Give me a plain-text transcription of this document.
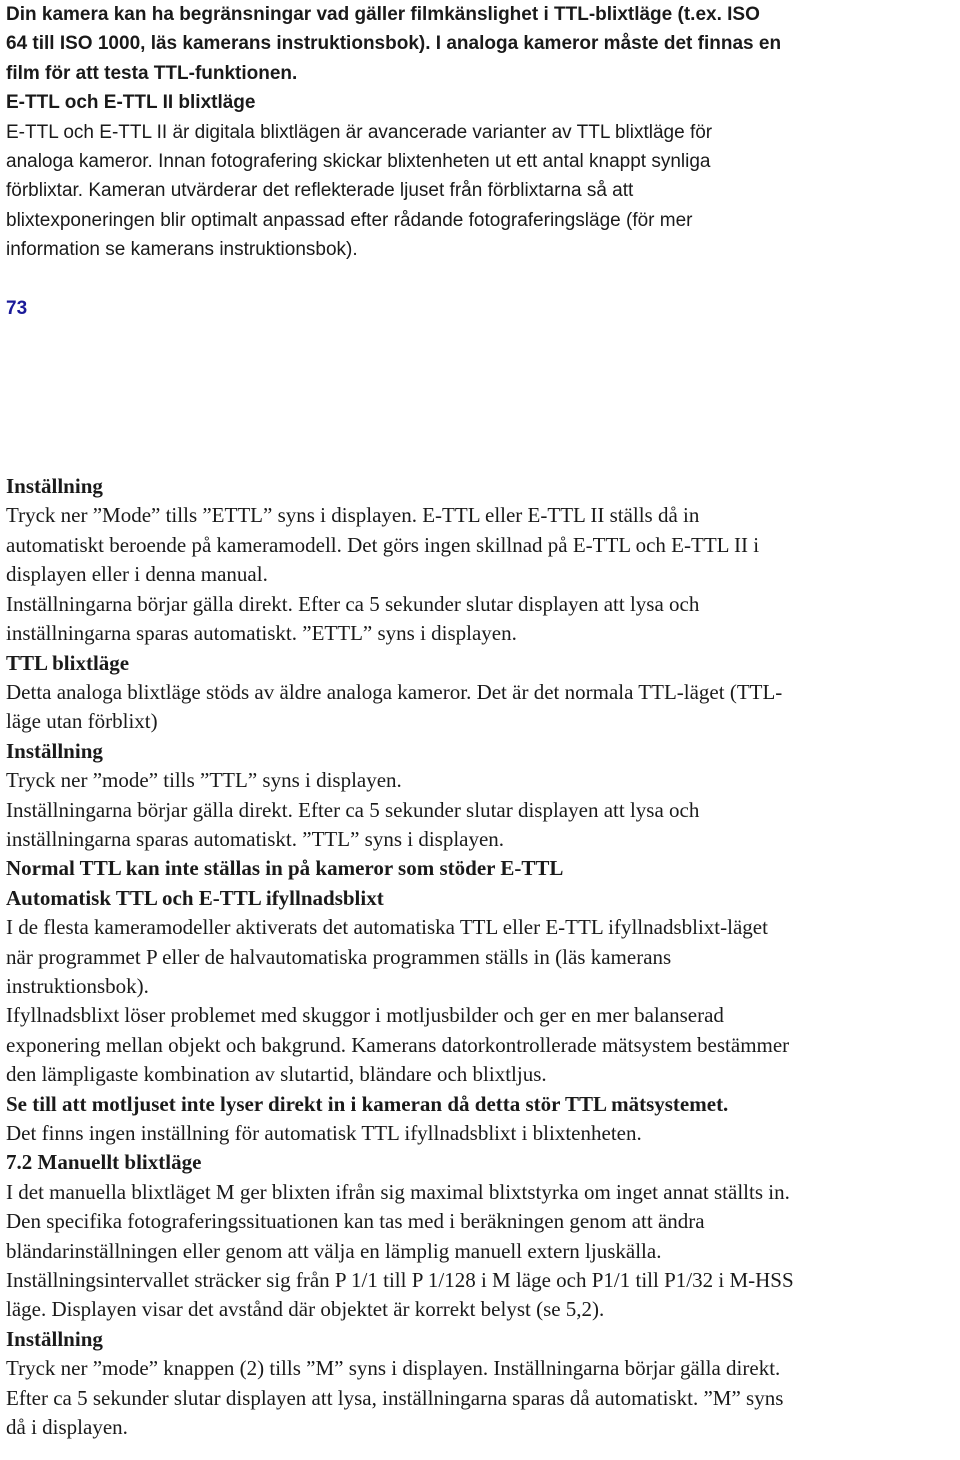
Din kamera kan ha begränsningar vad gäller filmkänslighet i TTL-blixtläge (t.ex. ISO
64 till ISO 1000, läs kamerans instruktionsbok). I analoga kameror måste det finnas en
film för att testa TTL-funktionen.
E-TTL och E-TTL II blixtläge
E-TTL och E-TTL II är digitala blixtlägen är avancerade varianter av TTL blixtläge för
analoga kameror. Innan fotografering skickar blixtenheten ut ett antal knappt synliga
förblixtar. Kameran utvärderar det reflekterade ljuset från förblixtarna så att
blixtexponeringen blir optimalt anpassad efter rådande fotograferingsläge (för mer
information se kamerans instruktionsbok).
73
Inställning
Tryck ner ”Mode” tills ”ETTL” syns i displayen. E-TTL eller E-TTL II ställs då in
automatiskt beroende på kameramodell. Det görs ingen skillnad på E-TTL och E-TTL II i
displayen eller i denna manual.
Inställningarna börjar gälla direkt. Efter ca 5 sekunder slutar displayen att lysa och
inställningarna sparas automatiskt. ”ETTL” syns i displayen.
TTL blixtläge
Detta analoga blixtläge stöds av äldre analoga kameror. Det är det normala TTL-läget (TTL-
läge utan förblixt)
Inställning
Tryck ner ”mode” tills ”TTL” syns i displayen.
Inställningarna börjar gälla direkt. Efter ca 5 sekunder slutar displayen att lysa och
inställningarna sparas automatiskt. ”TTL” syns i displayen.
Normal TTL kan inte ställas in på kameror som stöder E-TTL
Automatisk TTL och E-TTL ifyllnadsblixt
I de flesta kameramodeller aktiverats det automatiska TTL eller E-TTL ifyllnadsblixt-läget
när programmet P eller de halvautomatiska programmen ställs in (läs kamerans
instruktionsbok).
Ifyllnadsblixt löser problemet med skuggor i motljusbilder och ger en mer balanserad
exponering mellan objekt och bakgrund. Kamerans datorkontrollerade mätsystem bestämmer
den lämpligaste kombination av slutartid, bländare och blixtljus.
Se till att motljuset inte lyser direkt in i kameran då detta stör TTL mätsystemet.
Det finns ingen inställning för automatisk TTL ifyllnadsblixt i blixtenheten.
7.2 Manuellt blixtläge
I det manuella blixtläget M ger blixten ifrån sig maximal blixtstyrka om inget annat ställts in.
Den specifika fotograferingssituationen kan tas med i beräkningen genom att ändra
bländarinställningen eller genom att välja en lämplig manuell extern ljuskälla.
Inställningsintervallet sträcker sig från P 1/1 till P 1/128 i M läge och P1/1 till P1/32 i M-HSS
läge. Displayen visar det avstånd där objektet är korrekt belyst (se 5,2).
Inställning
Tryck ner ”mode” knappen (2) tills ”M” syns i displayen. Inställningarna börjar gälla direkt.
Efter ca 5 sekunder slutar displayen att lysa, inställningarna sparas då automatiskt. ”M” syns
då i displayen.
